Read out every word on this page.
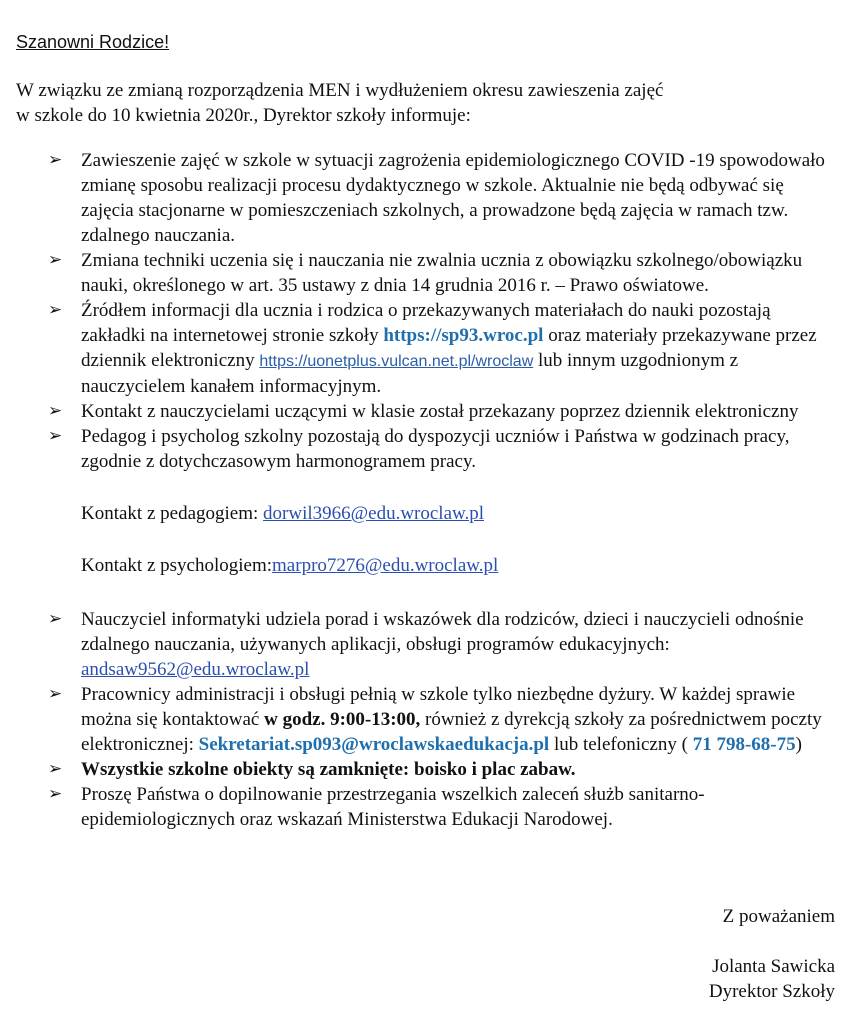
Szanowni Rodzice!
W związku ze zmianą rozporządzenia MEN i wydłużeniem okresu zawieszenia zajęć
w szkole do 10 kwietnia 2020r., Dyrektor szkoły informuje:
➢ Zawieszenie zajęć w szkole w sytuacji zagrożenia epidemiologicznego COVID -19 spowodowało zmianę sposobu realizacji procesu dydaktycznego w szkole. Aktualnie nie będą odbywać się zajęcia stacjonarne w pomieszczeniach szkolnych, a prowadzone będą zajęcia w ramach tzw. zdalnego nauczania.
➢ Zmiana techniki uczenia się i nauczania nie zwalnia ucznia z obowiązku szkolnego/obowiązku nauki, określonego w art. 35 ustawy z dnia 14 grudnia 2016 r. – Prawo oświatowe.
➢ Źródłem informacji dla ucznia i rodzica o przekazywanych materiałach do nauki pozostają zakładki na internetowej stronie szkoły https://sp93.wroc.pl oraz materiały przekazywane przez dziennik elektroniczny https://uonetplus.vulcan.net.pl/wroclaw lub innym uzgodnionym z nauczycielem kanałem informacyjnym.
➢ Kontakt z nauczycielami uczącymi w klasie został przekazany poprzez dziennik elektroniczny
➢ Pedagog i psycholog szkolny pozostają do dyspozycji uczniów i Państwa w godzinach pracy, zgodnie z dotychczasowym harmonogramem pracy.
Kontakt z pedagogiem: dorwil3966@edu.wroclaw.pl
Kontakt z psychologiem:marpro7276@edu.wroclaw.pl
➢ Nauczyciel informatyki udziela porad i wskazówek dla rodziców, dzieci i nauczycieli odnośnie zdalnego nauczania, używanych aplikacji, obsługi programów edukacyjnych: andsaw9562@edu.wroclaw.pl
➢ Pracownicy administracji i obsługi pełnią w szkole tylko niezbędne dyżury. W każdej sprawie można się kontaktować w godz. 9:00-13:00, również z dyrekcją szkoły za pośrednictwem poczty elektronicznej: Sekretariat.sp093@wroclawskaedukacja.pl lub telefoniczny ( 71 798-68-75)
➢ Wszystkie szkolne obiekty są zamknięte: boisko i plac zabaw.
➢ Proszę Państwa o dopilnowanie przestrzegania wszelkich zaleceń służb sanitarno-epidemiologicznych oraz wskazań Ministerstwa Edukacji Narodowej.
Z poważaniem
Jolanta Sawicka
Dyrektor Szkoły
